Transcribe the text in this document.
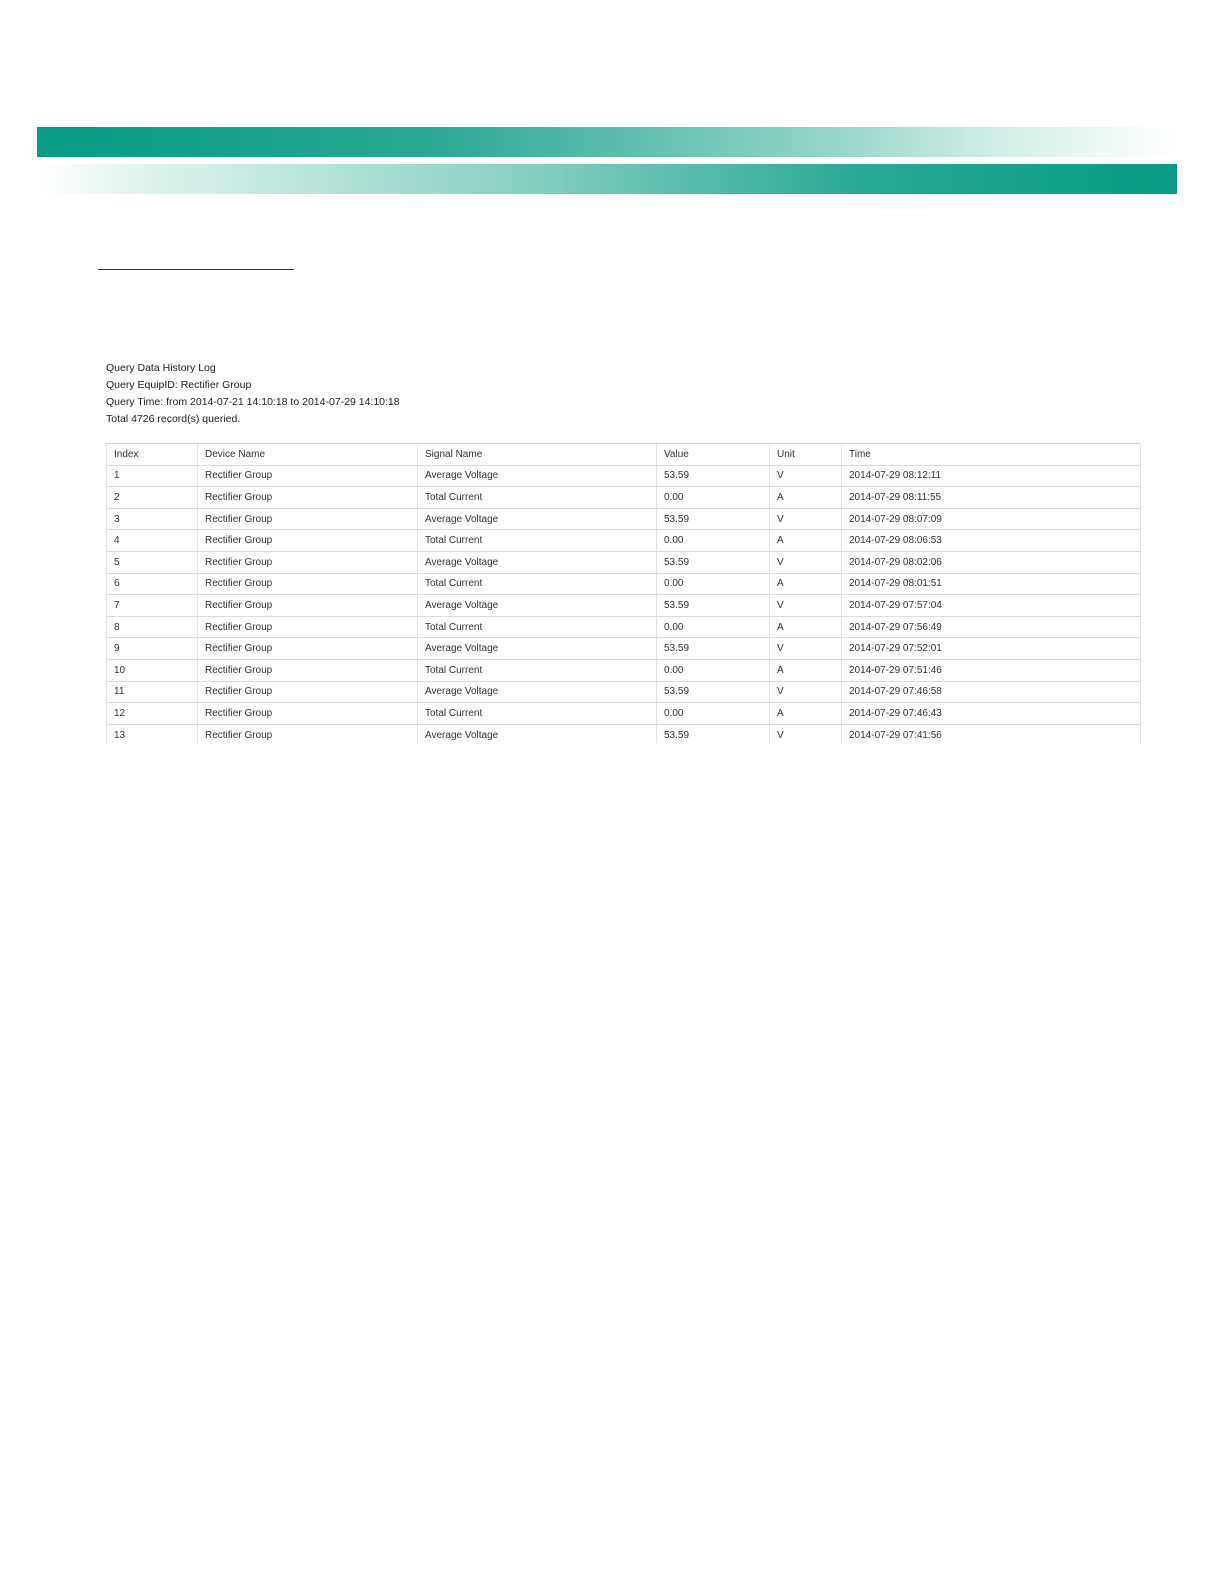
Query Data History Log
Query EquipID: Rectifier Group
Query Time: from 2014-07-21 14:10:18 to 2014-07-29 14:10:18
Total 4726 record(s) queried.
Index	Device Name	Signal Name	Value	Unit	Time
1	Rectifier Group	Average Voltage	53.59	V	2014-07-29 08:12:11
2	Rectifier Group	Total Current	0.00	A	2014-07-29 08:11:55
3	Rectifier Group	Average Voltage	53.59	V	2014-07-29 08:07:09
4	Rectifier Group	Total Current	0.00	A	2014-07-29 08:06:53
5	Rectifier Group	Average Voltage	53.59	V	2014-07-29 08:02:06
6	Rectifier Group	Total Current	0.00	A	2014-07-29 08:01:51
7	Rectifier Group	Average Voltage	53.59	V	2014-07-29 07:57:04
8	Rectifier Group	Total Current	0.00	A	2014-07-29 07:56:49
9	Rectifier Group	Average Voltage	53.59	V	2014-07-29 07:52:01
10	Rectifier Group	Total Current	0.00	A	2014-07-29 07:51:46
11	Rectifier Group	Average Voltage	53.59	V	2014-07-29 07:46:58
12	Rectifier Group	Total Current	0.00	A	2014-07-29 07:46:43
13	Rectifier Group	Average Voltage	53.59	V	2014-07-29 07:41:56
